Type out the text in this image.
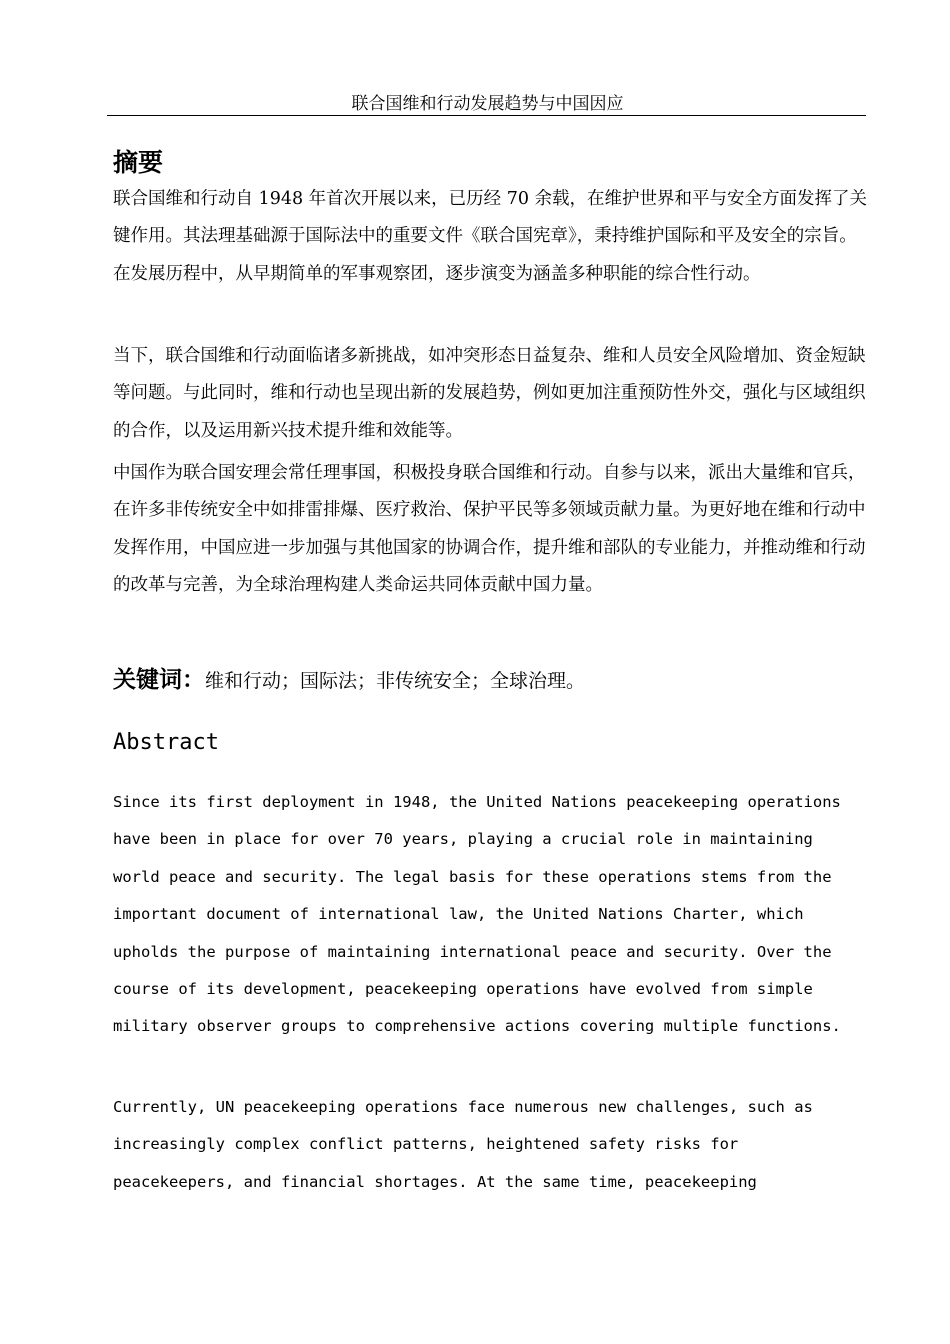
联合国维和行动发展趋势与中国因应
摘要

联合国维和行动自 1948 年首次开展以来，已历经 70 余载，在维护世界和平与安全方面发挥了关键作用。其法理基础源于国际法中的重要文件《联合国宪章》，秉持维护国际和平及安全的宗旨。在发展历程中，从早期简单的军事观察团，逐步演变为涵盖多种职能的综合性行动。

当下，联合国维和行动面临诸多新挑战，如冲突形态日益复杂、维和人员安全风险增加、资金短缺等问题。与此同时，维和行动也呈现出新的发展趋势，例如更加注重预防性外交，强化与区域组织的合作，以及运用新兴技术提升维和效能等。

中国作为联合国安理会常任理事国，积极投身联合国维和行动。自参与以来，派出大量维和官兵，在许多非传统安全中如排雷排爆、医疗救治、保护平民等多领域贡献力量。为更好地在维和行动中发挥作用，中国应进一步加强与其他国家的协调合作，提升维和部队的专业能力，并推动维和行动的改革与完善，为全球治理构建人类命运共同体贡献中国力量。

关键词：维和行动；国际法；非传统安全；全球治理。
Abstract

Since its first deployment in 1948, the United Nations peacekeeping operations have been in place for over 70 years, playing a crucial role in maintaining world peace and security. The legal basis for these operations stems from the important document of international law, the United Nations Charter, which upholds the purpose of maintaining international peace and security. Over the course of its development, peacekeeping operations have evolved from simple military observer groups to comprehensive actions covering multiple functions.

Currently, UN peacekeeping operations face numerous new challenges, such as increasingly complex conflict patterns, heightened safety risks for peacekeepers, and financial shortages. At the same time, peacekeeping
